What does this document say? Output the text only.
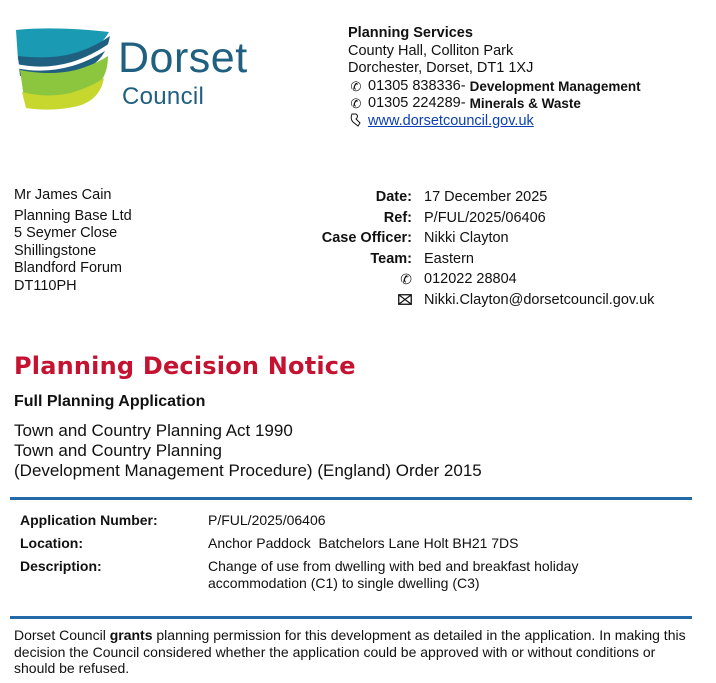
Dorset
Council
Planning Services
County Hall, Colliton Park
Dorchester, Dorset, DT1 1XJ
✆ 01305 838336-
Development Management
✆ 01305 224289-
Minerals & Waste
www.dorsetcouncil.gov.uk
Mr James Cain
Planning Base Ltd
5 Seymer Close
Shillingstone
Blandford Forum
DT110PH
Date: 17 December 2025
Ref: P/FUL/2025/06406
Case Officer: Nikki Clayton
Team: Eastern
✆ 012022 28804
Nikki.Clayton@dorsetcouncil.gov.uk
Planning Decision Notice
Full Planning Application
Town and Country Planning Act 1990
Town and Country Planning
(Development Management Procedure) (England) Order 2015
Application Number:	P/FUL/2025/06406
Location:	Anchor Paddock  Batchelors Lane Holt BH21 7DS
Description:	Change of use from dwelling with bed and breakfast holiday accommodation (C1) to single dwelling (C3)
Dorset Council grants planning permission for this development as detailed in the application. In making this decision the Council considered whether the application could be approved with or without conditions or should be refused.
